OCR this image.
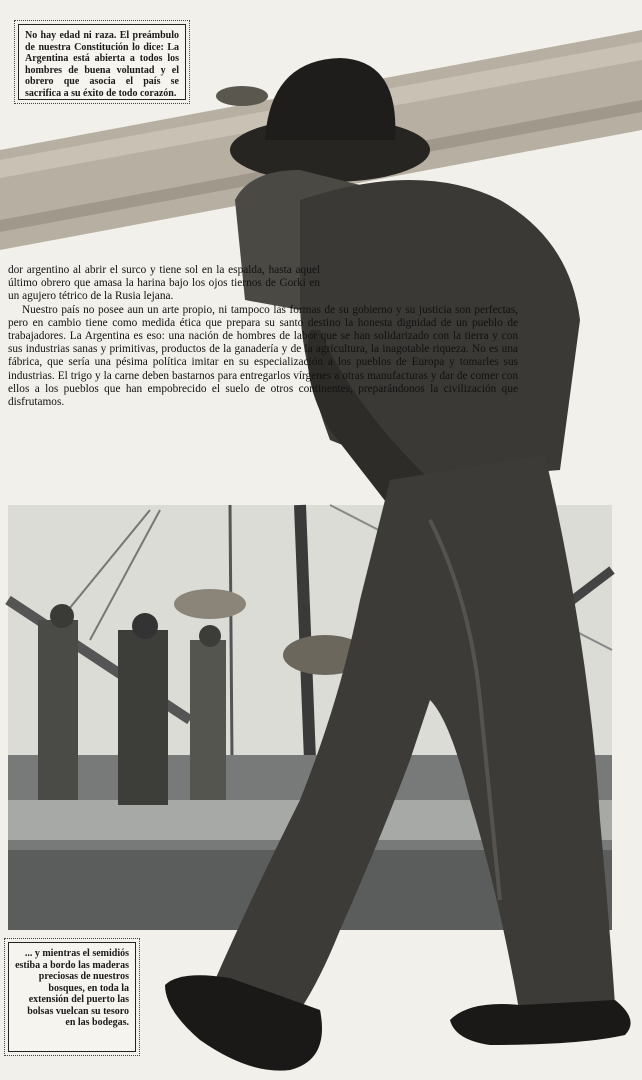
No hay edad ni raza. El preámbulo de nuestra Constitución lo dice: La Argentina está abierta a todos los hombres de buena voluntad y el obrero que asocia el país se sacrifica a su éxito de todo corazón.

dor argentino al abrir el surco y tiene sol en la espalda, hasta aquel último obrero que amasa la harina bajo los ojos tiernos de Gorki en un agujero tétrico de la Rusia lejana.

Nuestro país no posee aun un arte propio, ni tampoco las formas de su gobierno y su justicia son perfectas, pero en cambio tiene como medida ética que prepara su santo destino la honesta dignidad de un pueblo de trabajadores. La Argentina es eso: una nación de hombres de labor que se han solidarizado con la tierra y con sus industrias sanas y primitivas, productos de la ganadería y de la agricultura, la inagotable riqueza. No es una fábrica, que sería una pésima política imitar en su especialización a los pueblos de Europa y tomarles sus industrias. El trigo y la carne deben bastarnos para entregarlos vírgenes a otras manufacturas y dar de comer con ellos a los pueblos que han empobrecido el suelo de otros continentes, preparándonos la civilización que disfrutamos.

... y mientras el semidiós estiba a bordo las maderas preciosas de nuestros bosques, en toda la extensión del puerto las bolsas vuelcan su tesoro en las bodegas.
